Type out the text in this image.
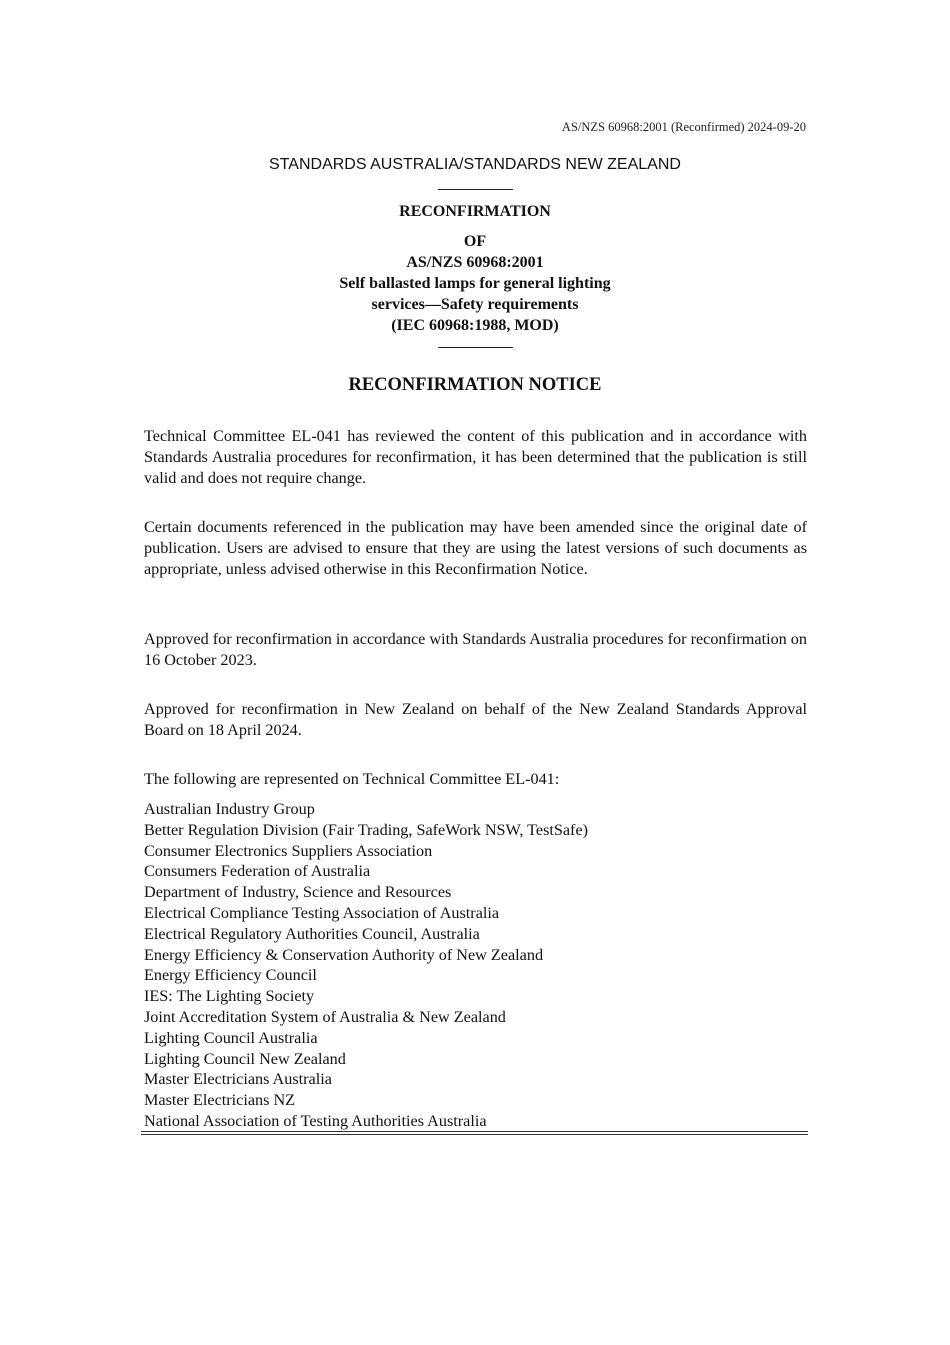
AS/NZS 60968:2001 (Reconfirmed) 2024-09-20
STANDARDS AUSTRALIA/STANDARDS NEW ZEALAND
RECONFIRMATION
OF
AS/NZS 60968:2001
Self ballasted lamps for general lighting
services—Safety requirements
(IEC 60968:1988, MOD)
RECONFIRMATION NOTICE
Technical Committee EL-041 has reviewed the content of this publication and in accordance with Standards Australia procedures for reconfirmation, it has been determined that the publication is still valid and does not require change.
Certain documents referenced in the publication may have been amended since the original date of publication. Users are advised to ensure that they are using the latest versions of such documents as appropriate, unless advised otherwise in this Reconfirmation Notice.
Approved for reconfirmation in accordance with Standards Australia procedures for reconfirmation on 16 October 2023.
Approved for reconfirmation in New Zealand on behalf of the New Zealand Standards Approval Board on 18 April 2024.
The following are represented on Technical Committee EL-041:
Australian Industry Group
Better Regulation Division (Fair Trading, SafeWork NSW, TestSafe)
Consumer Electronics Suppliers Association
Consumers Federation of Australia
Department of Industry, Science and Resources
Electrical Compliance Testing Association of Australia
Electrical Regulatory Authorities Council, Australia
Energy Efficiency & Conservation Authority of New Zealand
Energy Efficiency Council
IES: The Lighting Society
Joint Accreditation System of Australia & New Zealand
Lighting Council Australia
Lighting Council New Zealand
Master Electricians Australia
Master Electricians NZ
National Association of Testing Authorities Australia
